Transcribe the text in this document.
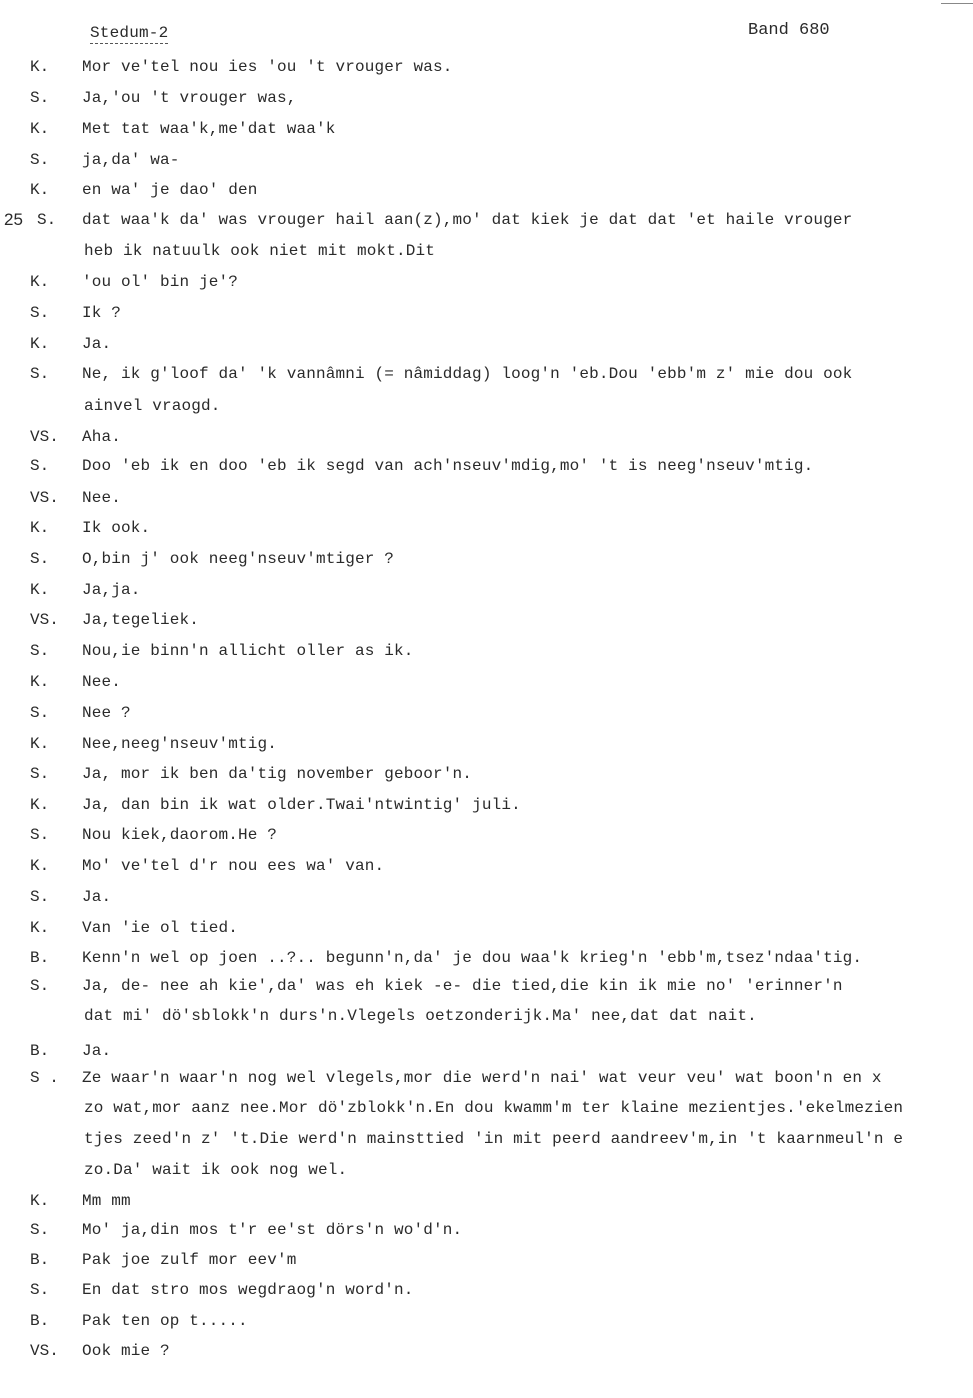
Stedum-2	Band 680
K. Mor ve'tel nou ies 'ou 't vrouger was.
S. Ja,'ou 't vrouger was,
K. Met tat waa'k,me'dat waa'k
S. ja,da' wa-
K. en wa' je dao' den
25 S. dat waa'k da' was vrouger hail aan(z),mo' dat kiek je dat dat 'et haile vrouger
heb ik natuulk ook niet mit mokt.Dit
K. 'ou ol' bin je'?
S. Ik ?
K. Ja.
S. Ne, ik g'loof da' 'k vannâmni (= nâmiddag) loog'n 'eb.Dou 'ebb'm z' mie dou ook
ainvel vraogd.
VS. Aha.
S. Doo 'eb ik en doo 'eb ik segd van ach'nseuv'mdig,mo' 't is neeg'nseuv'mtig.
VS. Nee.
K. Ik ook.
S. O,bin j' ook neeg'nseuv'mtiger ?
K. Ja,ja.
VS. Ja,tegeliek.
S. Nou,ie binn'n allicht oller as ik.
K. Nee.
S. Nee ?
K. Nee,neeg'nseuv'mtig.
S. Ja, mor ik ben da'tig november geboor'n.
K. Ja, dan bin ik wat older.Twai'ntwintig' juli.
S. Nou kiek,daorom.He ?
K. Mo' ve'tel d'r nou ees wa' van.
S. Ja.
K. Van 'ie ol tied.
B. Kenn'n wel op joen ..?.. begunn'n,da' je dou waa'k krieg'n 'ebb'm,tsez'ndaa'tig.
S. Ja, de- nee ah kie',da' was eh kiek -e- die tied,die kin ik mie no' 'erinner'n
dat mi' dö'sblokk'n durs'n.Vlegels oetzonderijk.Ma' nee,dat dat nait.
B. Ja.
S . Ze waar'n waar'n nog wel vlegels,mor die werd'n nai' wat veur veu' wat boon'n en x
zo wat,mor aanz nee.Mor dö'zblokk'n.En dou kwamm'm ter klaine mezientjes.'ekelmezien
tjes zeed'n z' 't.Die werd'n mainsttied 'in mit peerd aandreev'm,in 't kaarnmeul'n e
zo.Da' wait ik ook nog wel.
K. Mm mm
S. Mo' ja,din mos t'r ee'st dörs'n wo'd'n.
B. Pak joe zulf mor eev'm
S. En dat stro mos wegdraog'n word'n.
B. Pak ten op t.....
VS. Ook mie ?
